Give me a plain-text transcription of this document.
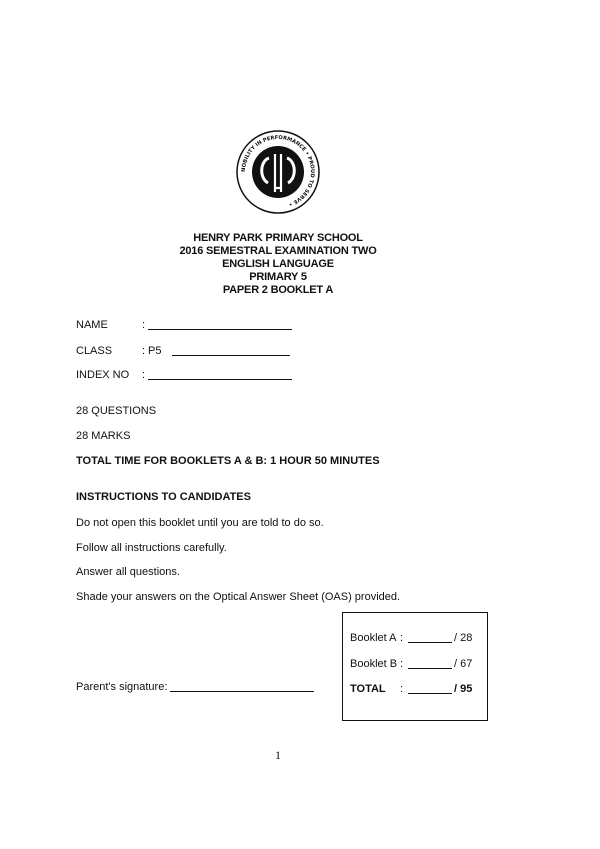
NOBILITY IN PERFORMANCE • PROUD TO SERVE •
HENRY PARK PRIMARY SCHOOL
2016 SEMESTRAL EXAMINATION TWO
ENGLISH LANGUAGE
PRIMARY 5
PAPER 2 BOOKLET A
NAME	:
CLASS	: P5
INDEX NO :
28 QUESTIONS
28 MARKS
TOTAL TIME FOR BOOKLETS A & B: 1 HOUR 50 MINUTES
INSTRUCTIONS TO CANDIDATES
Do not open this booklet until you are told to do so.
Follow all instructions carefully.
Answer all questions.
Shade your answers on the Optical Answer Sheet (OAS) provided.
Parent's signature:
Booklet A :	/ 28
Booklet B :	/ 67
TOTAL :	/ 95
1
